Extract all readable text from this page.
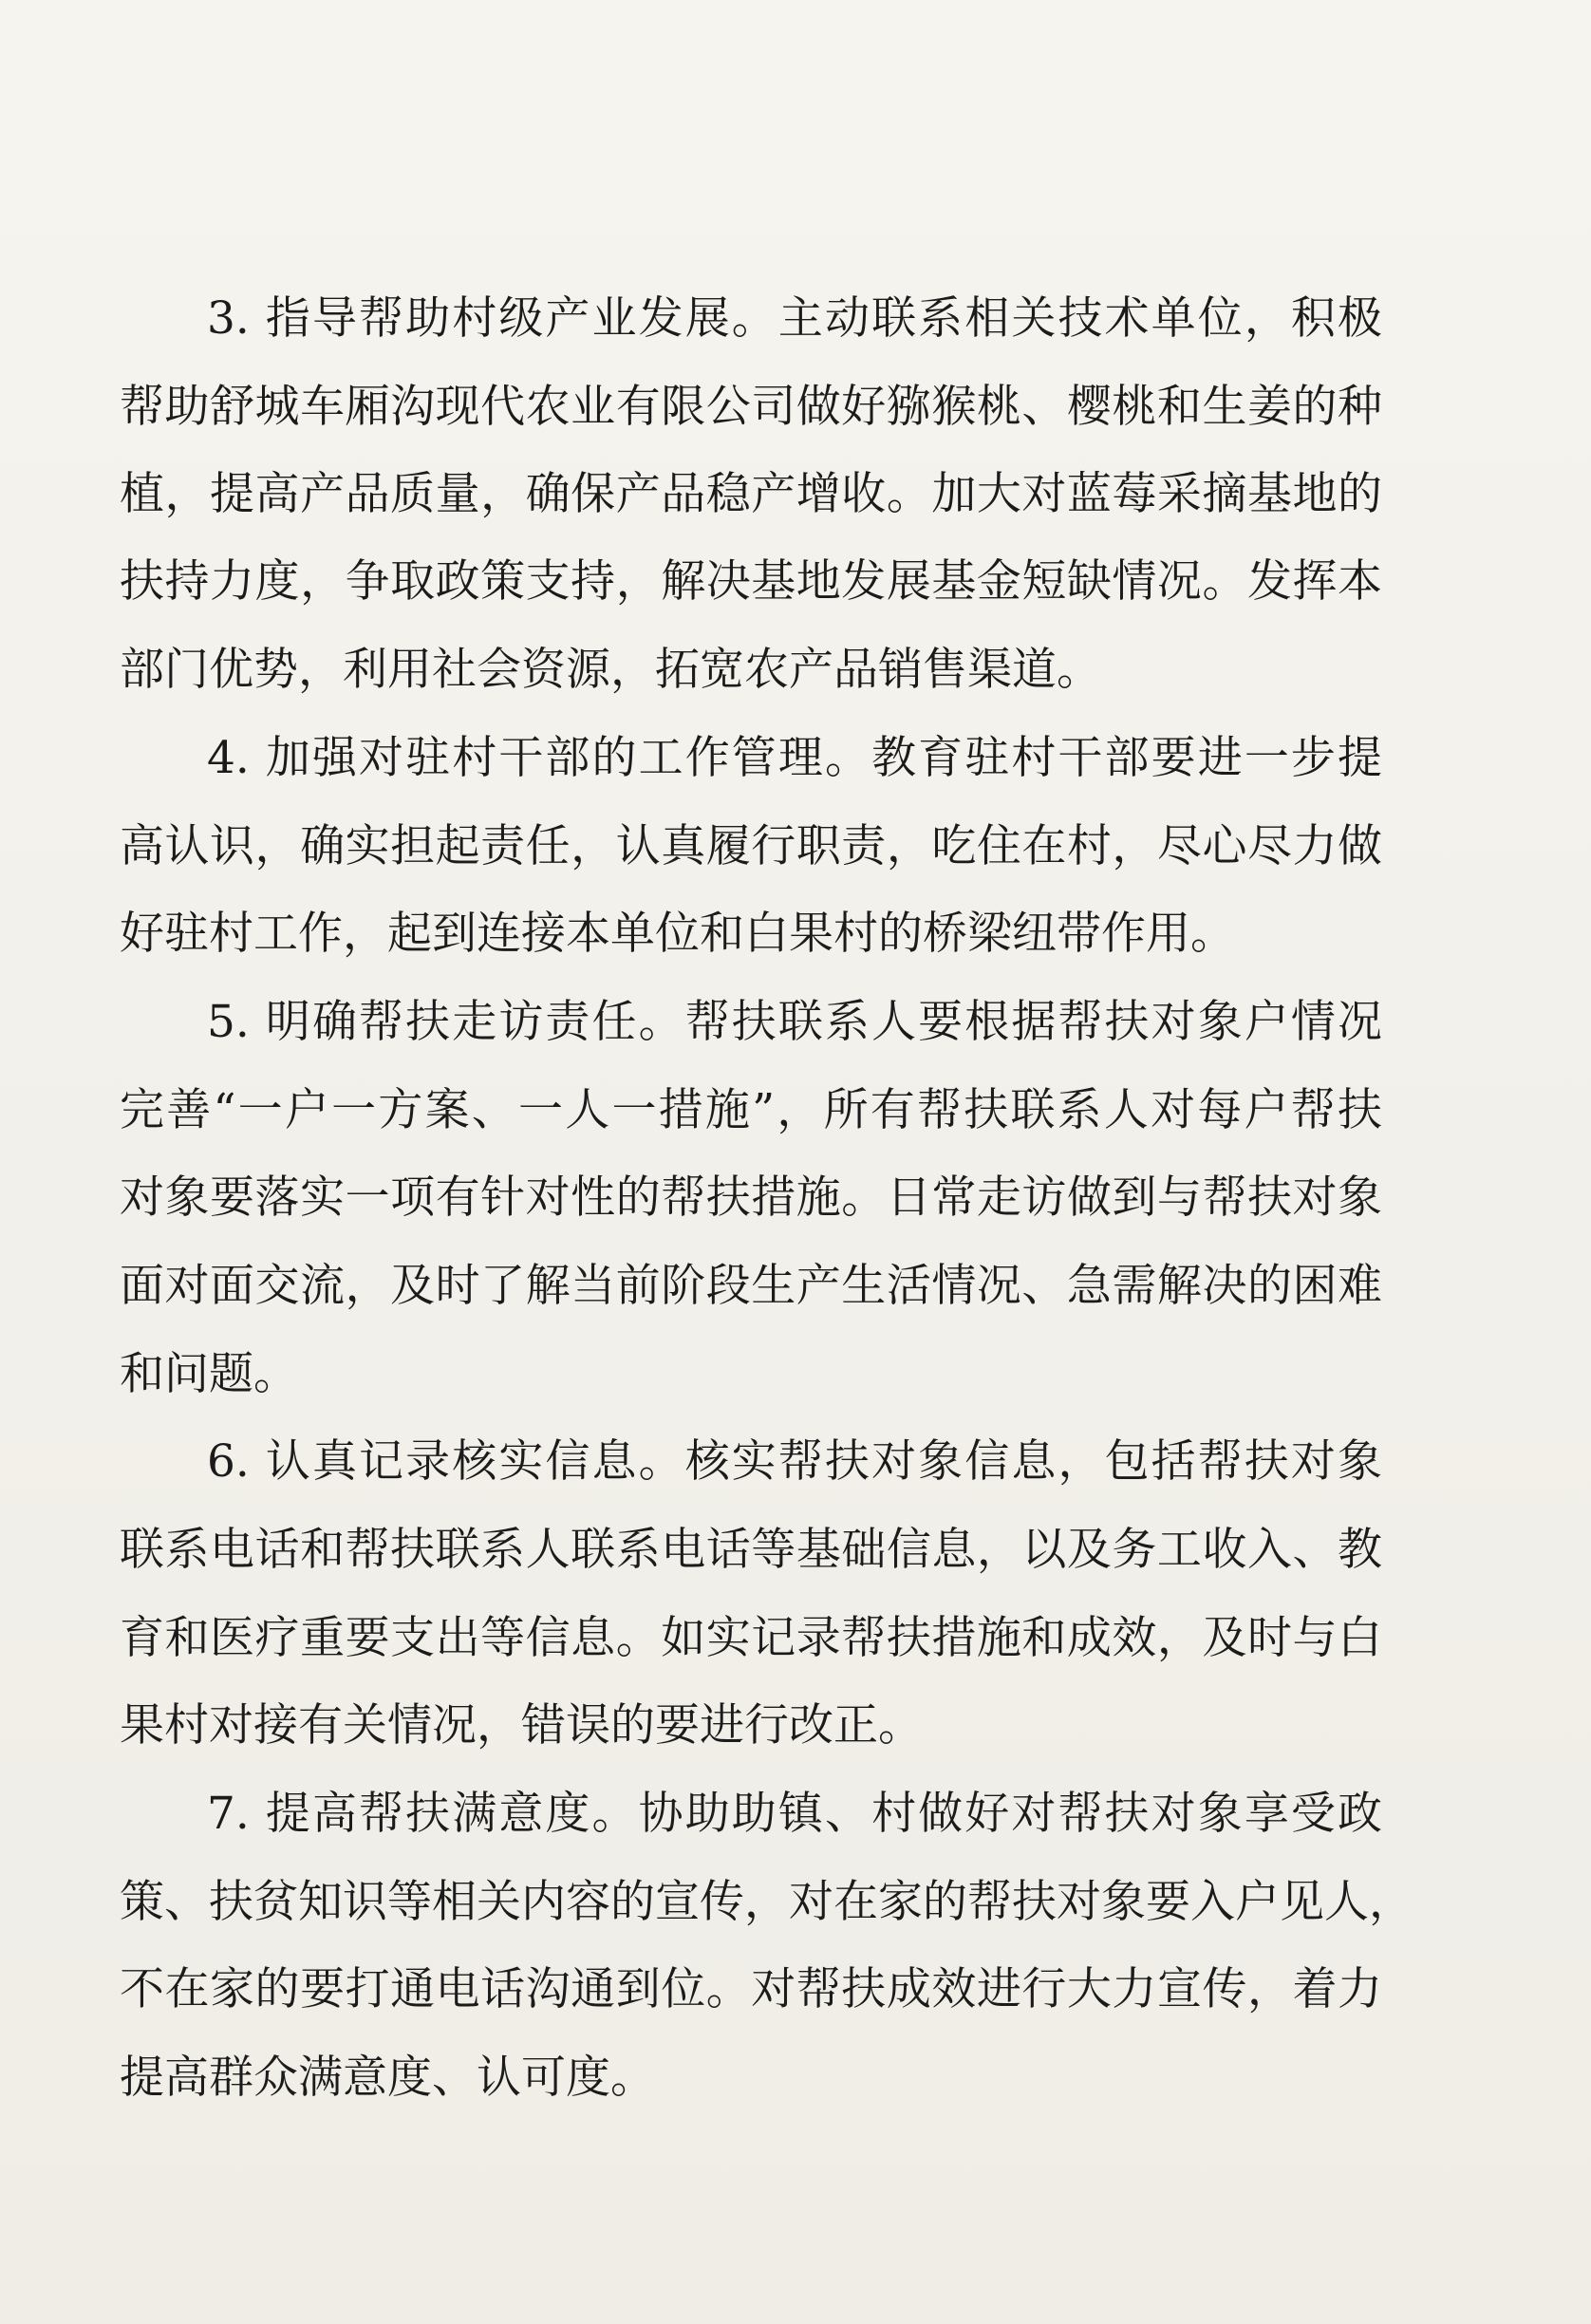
3. 指导帮助村级产业发展。主动联系相关技术单位，积极
帮助舒城车厢沟现代农业有限公司做好猕猴桃、樱桃和生姜的种
植，提高产品质量，确保产品稳产增收。加大对蓝莓采摘基地的
扶持力度，争取政策支持，解决基地发展基金短缺情况。发挥本
部门优势，利用社会资源，拓宽农产品销售渠道。
4. 加强对驻村干部的工作管理。教育驻村干部要进一步提
高认识，确实担起责任，认真履行职责，吃住在村，尽心尽力做
好驻村工作，起到连接本单位和白果村的桥梁纽带作用。
5. 明确帮扶走访责任。帮扶联系人要根据帮扶对象户情况
完善“一户一方案、一人一措施”，所有帮扶联系人对每户帮扶
对象要落实一项有针对性的帮扶措施。日常走访做到与帮扶对象
面对面交流，及时了解当前阶段生产生活情况、急需解决的困难
和问题。
6. 认真记录核实信息。核实帮扶对象信息，包括帮扶对象
联系电话和帮扶联系人联系电话等基础信息，以及务工收入、教
育和医疗重要支出等信息。如实记录帮扶措施和成效，及时与白
果村对接有关情况，错误的要进行改正。
7. 提高帮扶满意度。协助助镇、村做好对帮扶对象享受政
策、扶贫知识等相关内容的宣传，对在家的帮扶对象要入户见人，
不在家的要打通电话沟通到位。对帮扶成效进行大力宣传，着力
提高群众满意度、认可度。
